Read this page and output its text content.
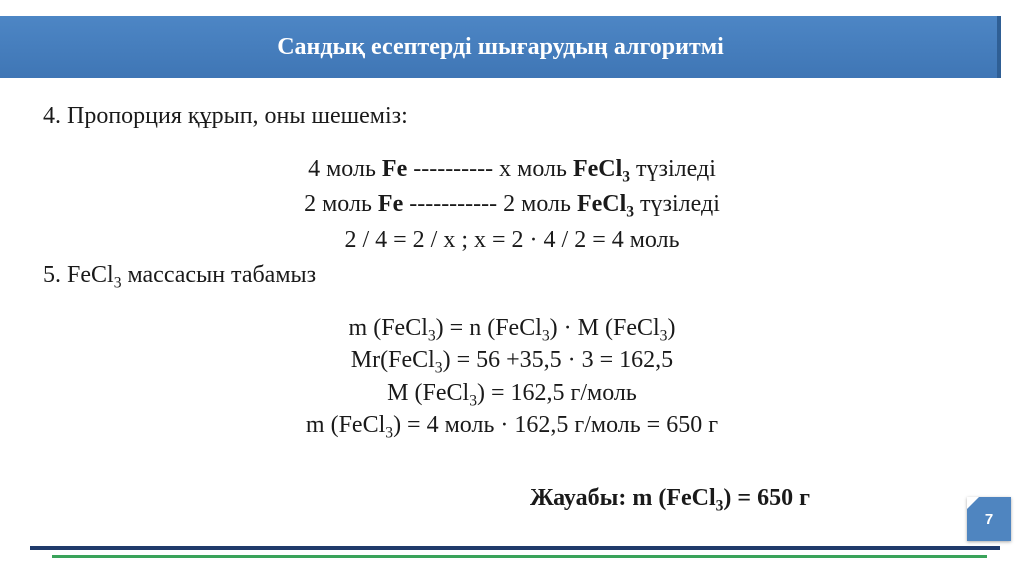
Сандық есептерді шығарудың алгоритмі
4. Пропорция құрып, оны шешеміз:
4 моль Fe ---------- x моль FeCl$_3$ түзіледі
2 моль Fe ----------- 2 моль FeCl$_3$ түзіледі
2 / 4 = 2 / x ; x = 2 · 4 / 2 = 4 моль
5. FeCl$_3$ массасын табамыз
m (FeCl$_3$) = n (FeCl$_3$) · M (FeCl$_3$)
Mr(FeCl$_3$) = 56 +35,5 · 3 = 162,5
M (FeCl$_3$) = 162,5 г/моль
m (FeCl$_3$) = 4 моль · 162,5 г/моль = 650 г
Жауабы: m (FeCl$_3$) = 650 г
7
